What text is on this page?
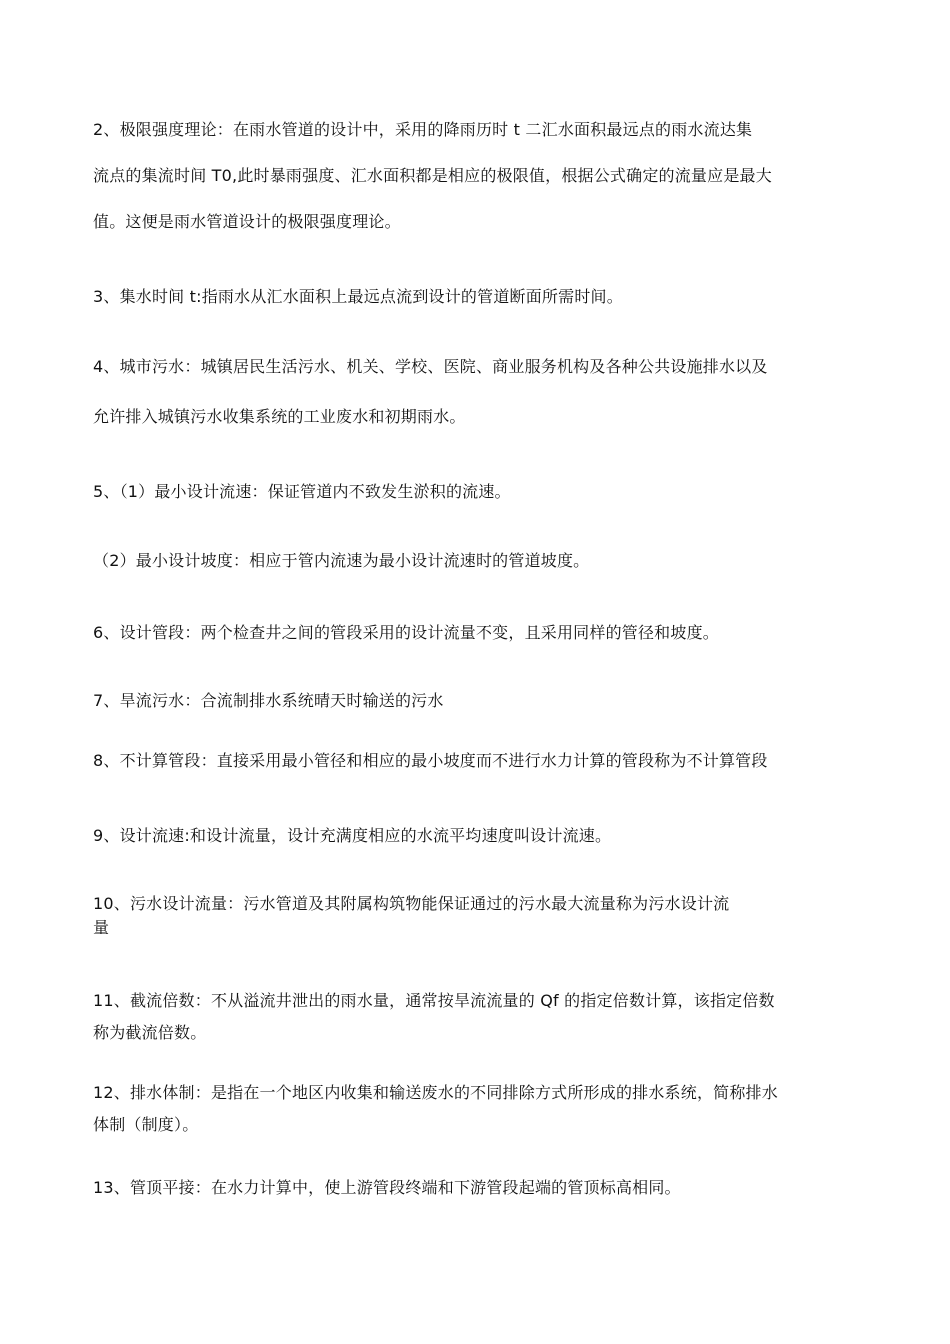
2、极限强度理论：在雨水管道的设计中，采用的降雨历时 t 二汇水面积最远点的雨水流达集
流点的集流时间 T0,此时暴雨强度、汇水面积都是相应的极限值，根据公式确定的流量应是最大
值。这便是雨水管道设计的极限强度理论。
3、集水时间 t:指雨水从汇水面积上最远点流到设计的管道断面所需时间。
4、城市污水：城镇居民生活污水、机关、学校、医院、商业服务机构及各种公共设施排水以及
允许排入城镇污水收集系统的工业废水和初期雨水。
5、（1）最小设计流速：保证管道内不致发生淤积的流速。
（2）最小设计坡度：相应于管内流速为最小设计流速时的管道坡度。
6、设计管段：两个检查井之间的管段采用的设计流量不变，且采用同样的管径和坡度。
7、旱流污水：合流制排水系统晴天时输送的污水
8、不计算管段：直接采用最小管径和相应的最小坡度而不进行水力计算的管段称为不计算管段
9、设计流速:和设计流量，设计充满度相应的水流平均速度叫设计流速。
10、污水设计流量：污水管道及其附属构筑物能保证通过的污水最大流量称为污水设计流
量
11、截流倍数：不从溢流井泄出的雨水量，通常按旱流流量的 Qf 的指定倍数计算，该指定倍数
称为截流倍数。
12、排水体制：是指在一个地区内收集和输送废水的不同排除方式所形成的排水系统，简称排水
体制（制度）。
13、管顶平接：在水力计算中，使上游管段终端和下游管段起端的管顶标高相同。
